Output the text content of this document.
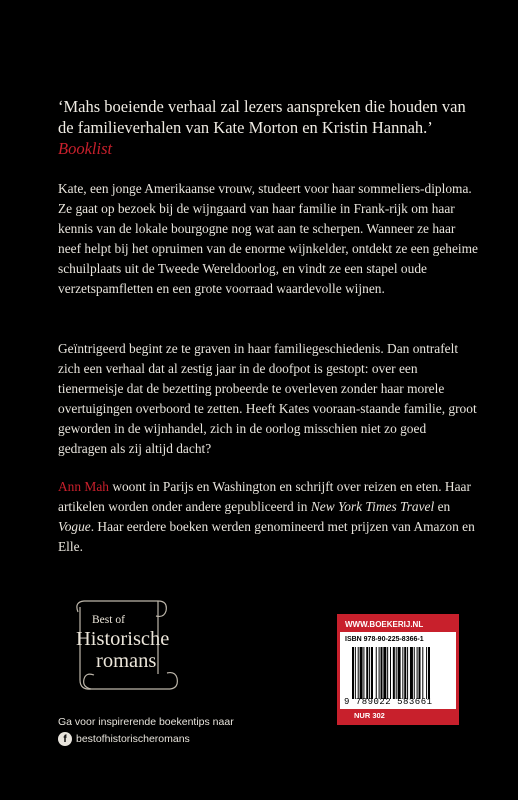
‘Mahs boeiende verhaal zal lezers aanspreken die houden van de familieverhalen van Kate Morton en Kristin Hannah.’ Booklist

Kate, een jonge Amerikaanse vrouw, studeert voor haar sommeliers-diploma. Ze gaat op bezoek bij de wijngaard van haar familie in Frank-rijk om haar kennis van de lokale bourgogne nog wat aan te scherpen. Wanneer ze haar neef helpt bij het opruimen van de enorme wijnkelder, ontdekt ze een geheime schuilplaats uit de Tweede Wereldoorlog, en vindt ze een stapel oude verzetspamfletten en een grote voorraad waardevolle wijnen.

Geïntrigeerd begint ze te graven in haar familiegeschiedenis. Dan ontrafelt zich een verhaal dat al zestig jaar in de doofpot is gestopt: over een tienermeisje dat de bezetting probeerde te overleven zonder haar morele overtuigingen overboord te zetten. Heeft Kates vooraan-staande familie, groot geworden in de wijnhandel, zich in de oorlog misschien niet zo goed gedragen als zij altijd dacht?

Ann Mah woont in Parijs en Washington en schrijft over reizen en eten. Haar artikelen worden onder andere gepubliceerd in New York Times Travel en Vogue. Haar eerdere boeken werden genomineerd met prijzen van Amazon en Elle.

Best of
Historische
romans
Ga voor inspirerende boekentips naar
f bestofhistorischeromans
WWW.BOEKERIJ.NL
ISBN 978-90-225-8366-1
9 789022 583661
NUR 302
